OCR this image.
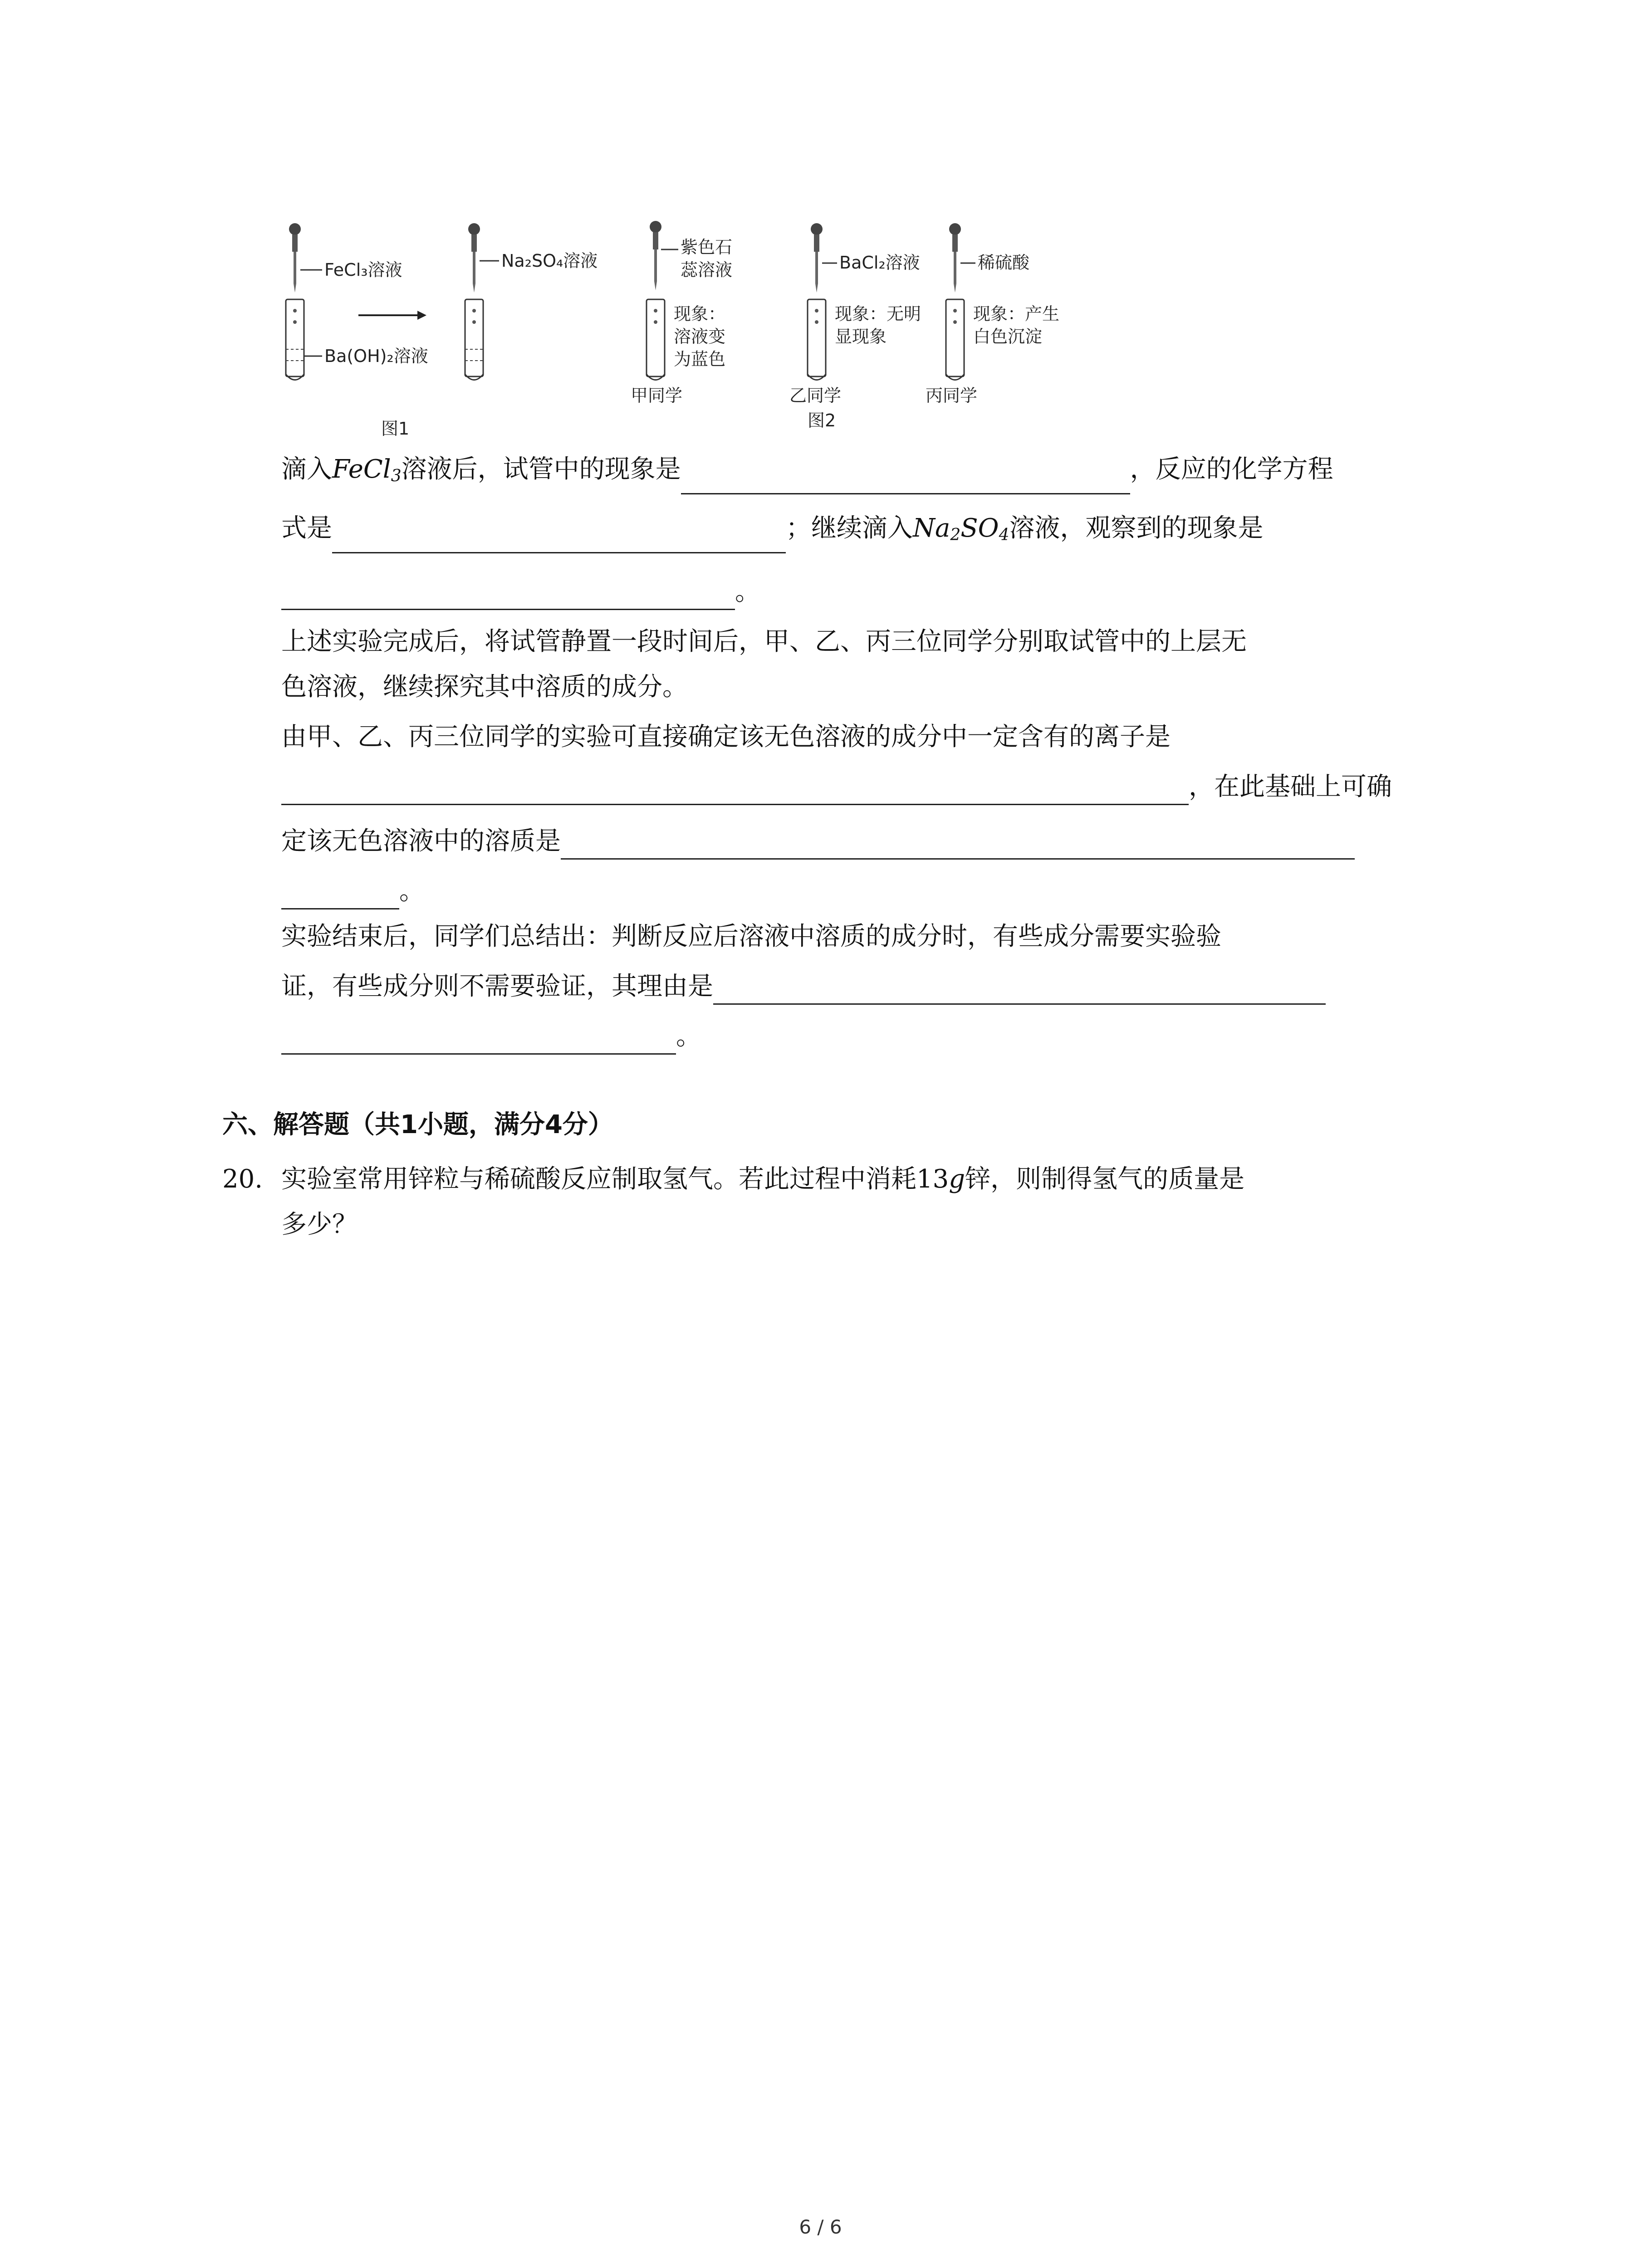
FeCl₃溶液
Ba(OH)₂溶液
图1
Na₂SO₄溶液
紫色石
蕊溶液
现象：
溶液变
为蓝色
甲同学
BaCl₂溶液
现象：无明
显现象
乙同学
图2
稀硫酸
现象：产生
白色沉淀
丙同学
滴入FeCl$_3$溶液后，试管中的现象是	，反应的化学方程
式是	；继续滴入$Na_2SO_4$溶液，观察到的现象是
。
上述实验完成后，将试管静置一段时间后，甲、乙、丙三位同学分别取试管中的上层无
色溶液，继续探究其中溶质的成分。
由甲、乙、丙三位同学的实验可直接确定该无色溶液的成分中一定含有的离子是
，在此基础上可确
定该无色溶液中的溶质是
。
实验结束后，同学们总结出：判断反应后溶液中溶质的成分时，有些成分需要实验验
证，有些成分则不需要验证，其理由是
。
六、解答题（共1小题，满分4分）
20. 实验室常用锌粒与稀硫酸反应制取氢气。若此过程中消耗13g锌，则制得氢气的质量是
多少？
6 / 6
